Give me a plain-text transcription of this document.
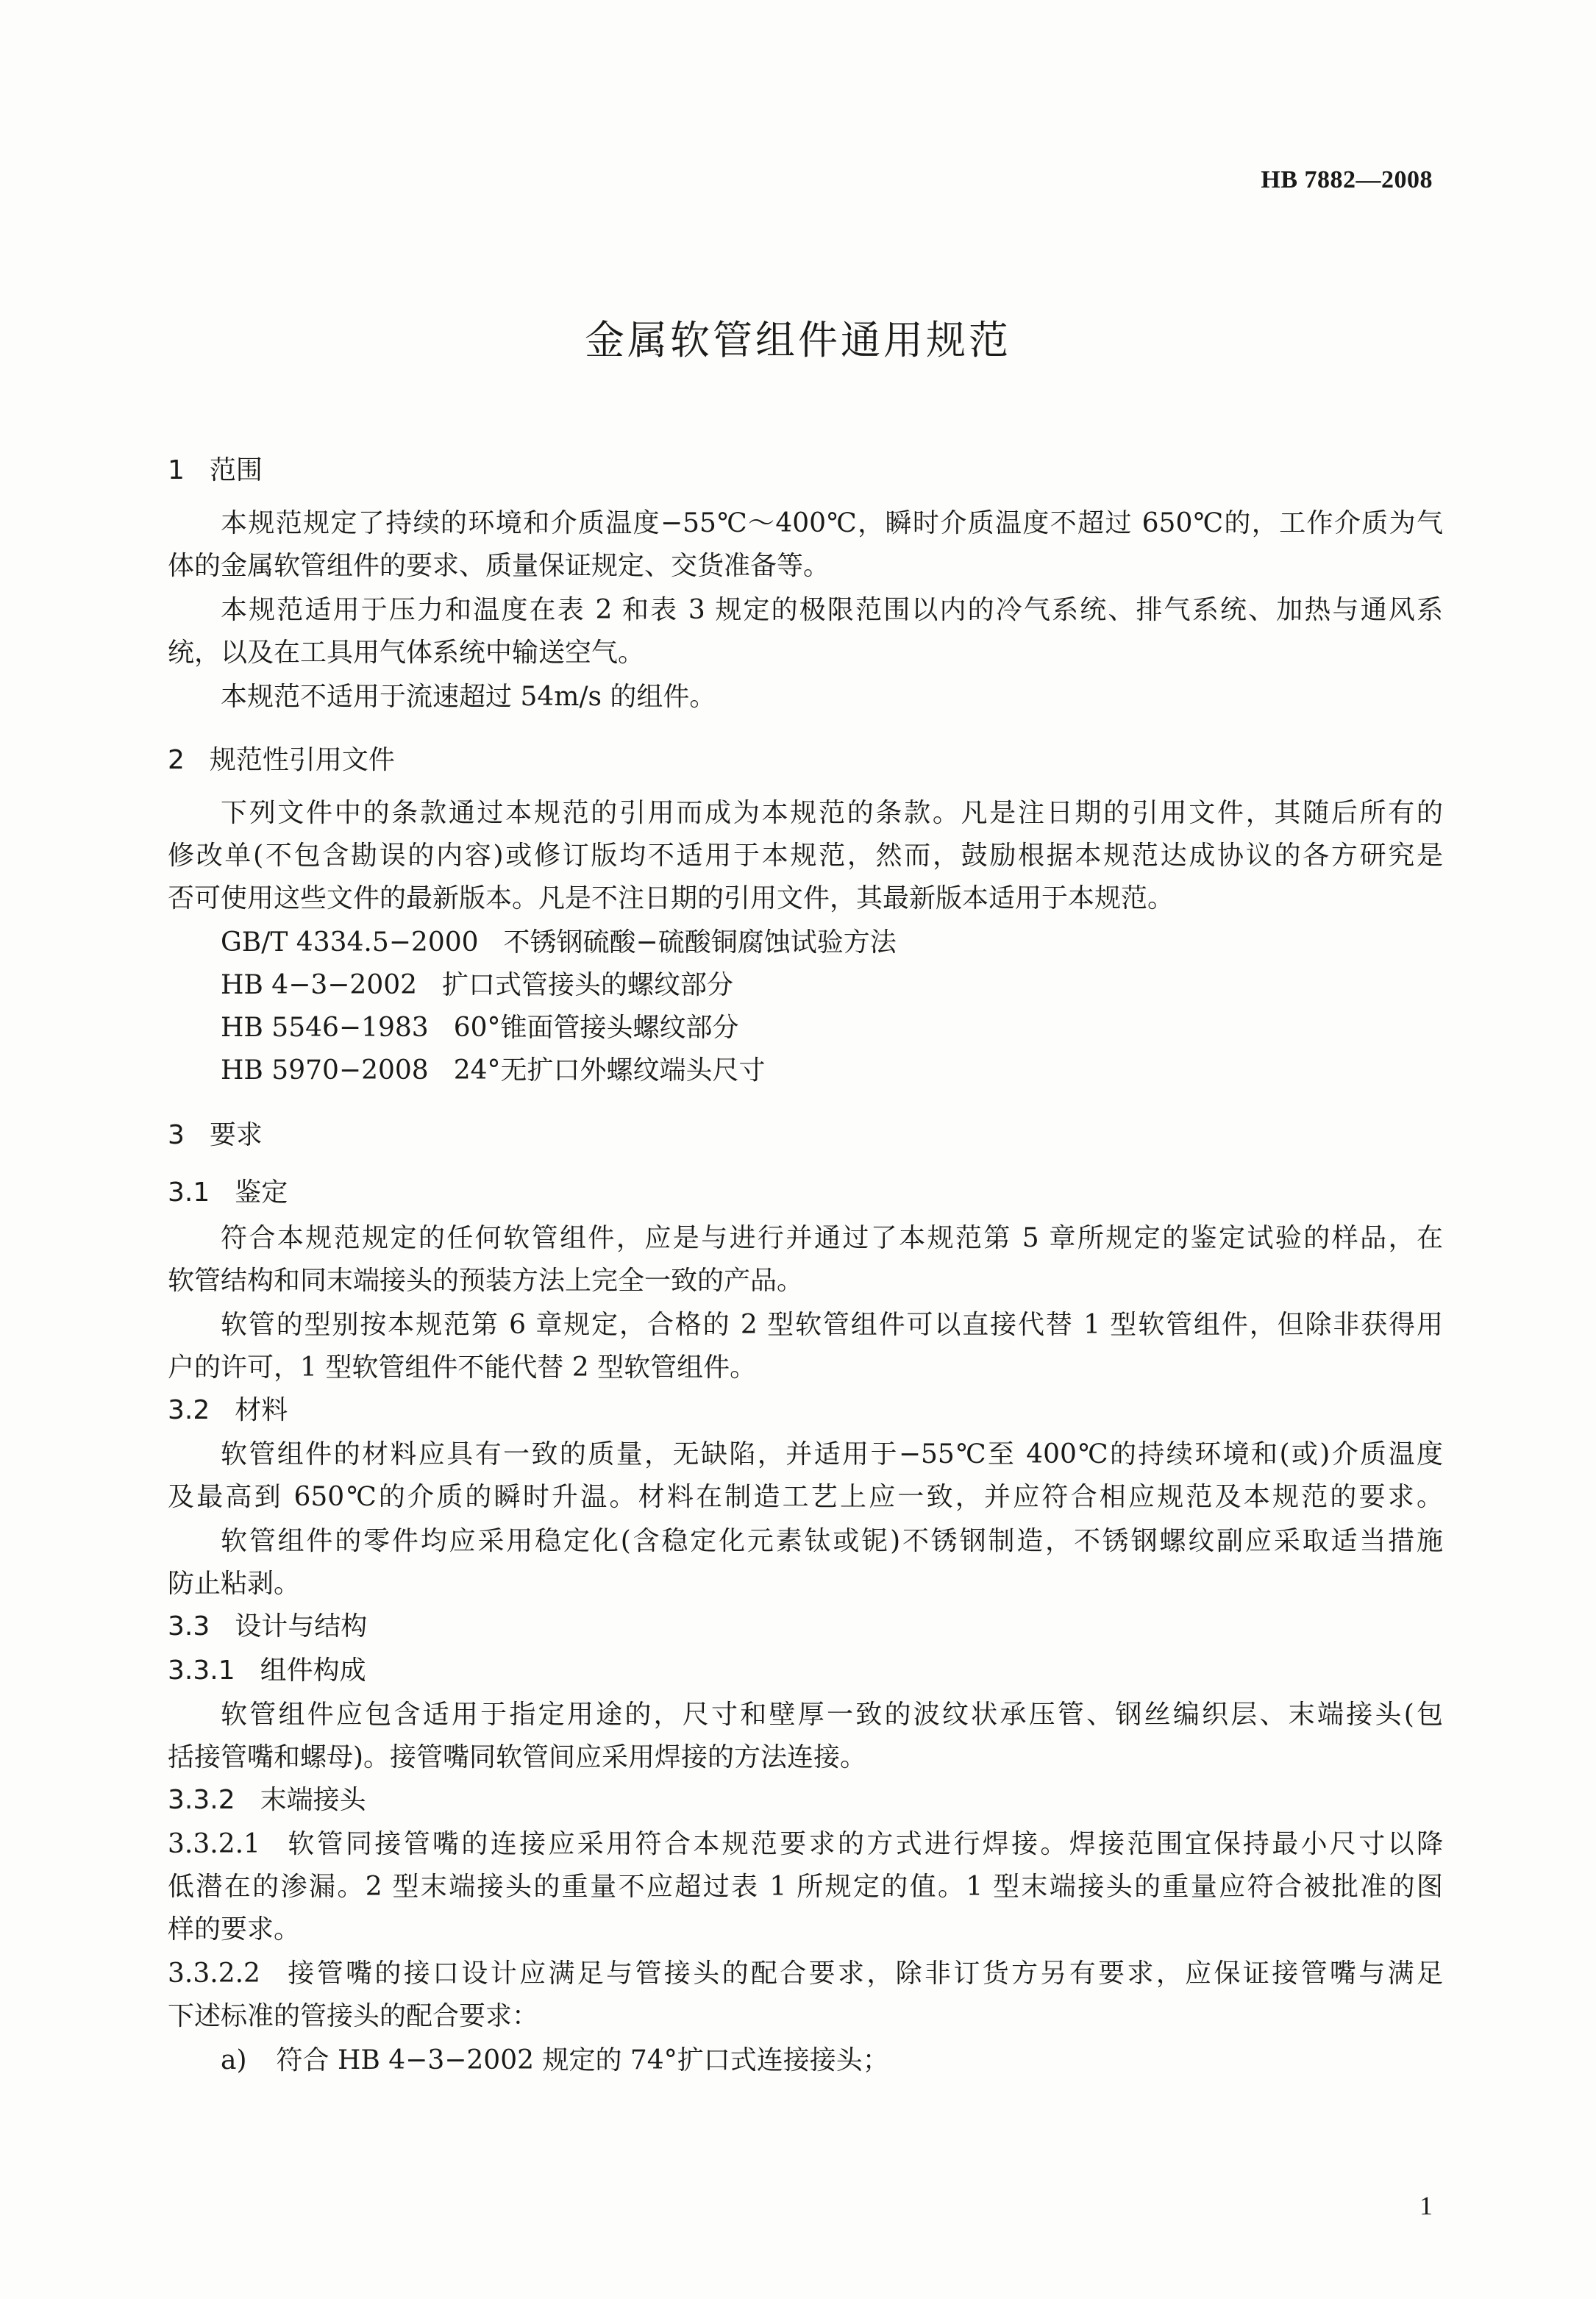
HB 7882—2008
金属软管组件通用规范
1 范围
本规范规定了持续的环境和介质温度−55℃～400℃，瞬时介质温度不超过 650℃的，工作介质为气
体的金属软管组件的要求、质量保证规定、交货准备等。
本规范适用于压力和温度在表 2 和表 3 规定的极限范围以内的冷气系统、排气系统、加热与通风系
统，以及在工具用气体系统中输送空气。
本规范不适用于流速超过 54m/s 的组件。
2 规范性引用文件
下列文件中的条款通过本规范的引用而成为本规范的条款。凡是注日期的引用文件，其随后所有的
修改单(不包含勘误的内容)或修订版均不适用于本规范，然而，鼓励根据本规范达成协议的各方研究是
否可使用这些文件的最新版本。凡是不注日期的引用文件，其最新版本适用于本规范。
GB/T 4334.5−2000 不锈钢硫酸−硫酸铜腐蚀试验方法
HB 4−3−2002 扩口式管接头的螺纹部分
HB 5546−1983 60°锥面管接头螺纹部分
HB 5970−2008 24°无扩口外螺纹端头尺寸
3 要求
3.1 鉴定
符合本规范规定的任何软管组件，应是与进行并通过了本规范第 5 章所规定的鉴定试验的样品，在
软管结构和同末端接头的预装方法上完全一致的产品。
软管的型别按本规范第 6 章规定，合格的 2 型软管组件可以直接代替 1 型软管组件，但除非获得用
户的许可，1 型软管组件不能代替 2 型软管组件。
3.2 材料
软管组件的材料应具有一致的质量，无缺陷，并适用于−55℃至 400℃的持续环境和(或)介质温度
及最高到 650℃的介质的瞬时升温。材料在制造工艺上应一致，并应符合相应规范及本规范的要求。
软管组件的零件均应采用稳定化(含稳定化元素钛或铌)不锈钢制造，不锈钢螺纹副应采取适当措施
防止粘剥。
3.3 设计与结构
3.3.1 组件构成
软管组件应包含适用于指定用途的，尺寸和壁厚一致的波纹状承压管、钢丝编织层、末端接头(包
括接管嘴和螺母)。接管嘴同软管间应采用焊接的方法连接。
3.3.2 末端接头
3.3.2.1 软管同接管嘴的连接应采用符合本规范要求的方式进行焊接。焊接范围宜保持最小尺寸以降
低潜在的渗漏。2 型末端接头的重量不应超过表 1 所规定的值。1 型末端接头的重量应符合被批准的图
样的要求。
3.3.2.2 接管嘴的接口设计应满足与管接头的配合要求，除非订货方另有要求，应保证接管嘴与满足
下述标准的管接头的配合要求：
a) 符合 HB 4−3−2002 规定的 74°扩口式连接接头；
1
